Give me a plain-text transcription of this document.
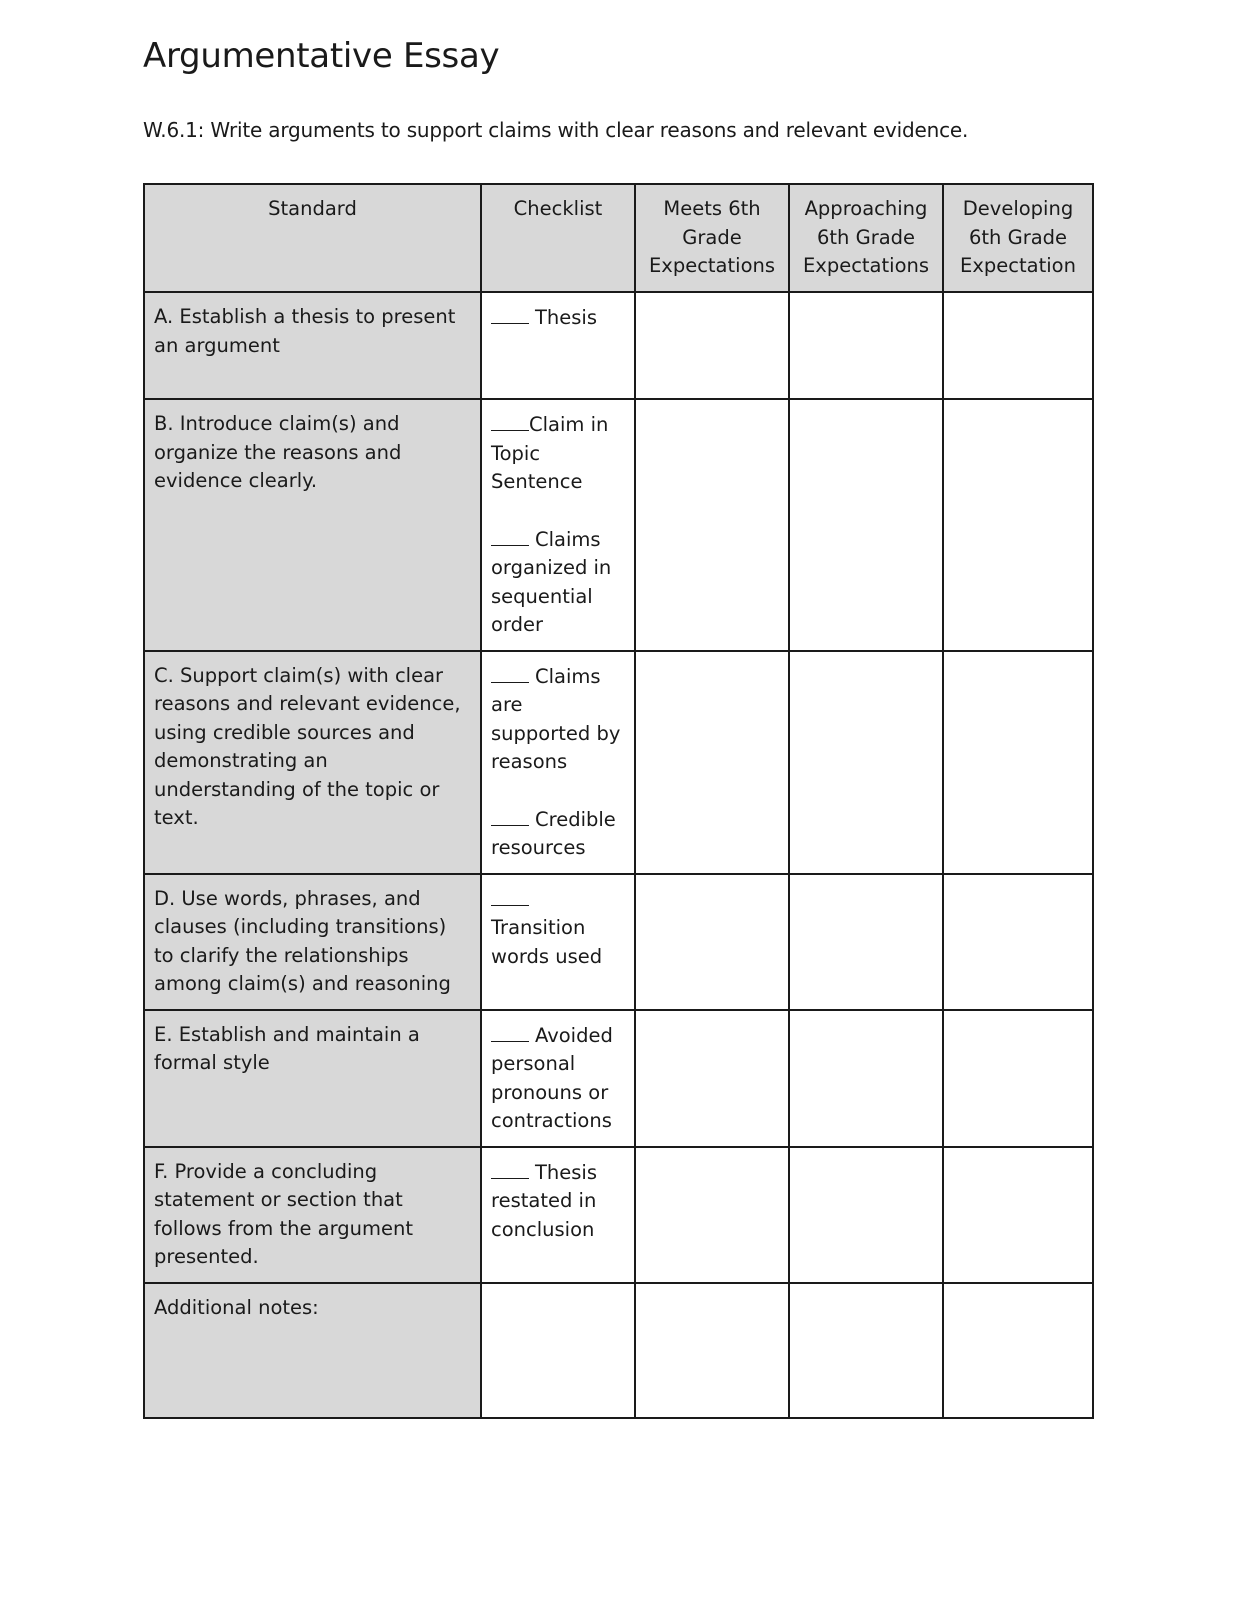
Argumentative Essay
W.6.1: Write arguments to support claims with clear reasons and relevant evidence.
Standard	Checklist	Meets 6th Grade Expectations	Approaching 6th Grade Expectations	Developing 6th Grade Expectation
A. Establish a thesis to present an argument	Thesis			

B. Introduce claim(s) and organize the reasons and evidence clearly.	Claim in Topic Sentence
Claims organized in sequential order			

C. Support claim(s) with clear reasons and relevant evidence, using credible sources and demonstrating an understanding of the topic or text.	Claims are supported by reasons
Credible resources			

D. Use words, phrases, and clauses (including transitions) to clarify the relationships among claim(s) and reasoning	Transition words used			

E. Establish and maintain a formal style	Avoided personal pronouns or contractions			

F. Provide a concluding statement or section that follows from the argument presented.	Thesis restated in conclusion			

Additional notes:				
